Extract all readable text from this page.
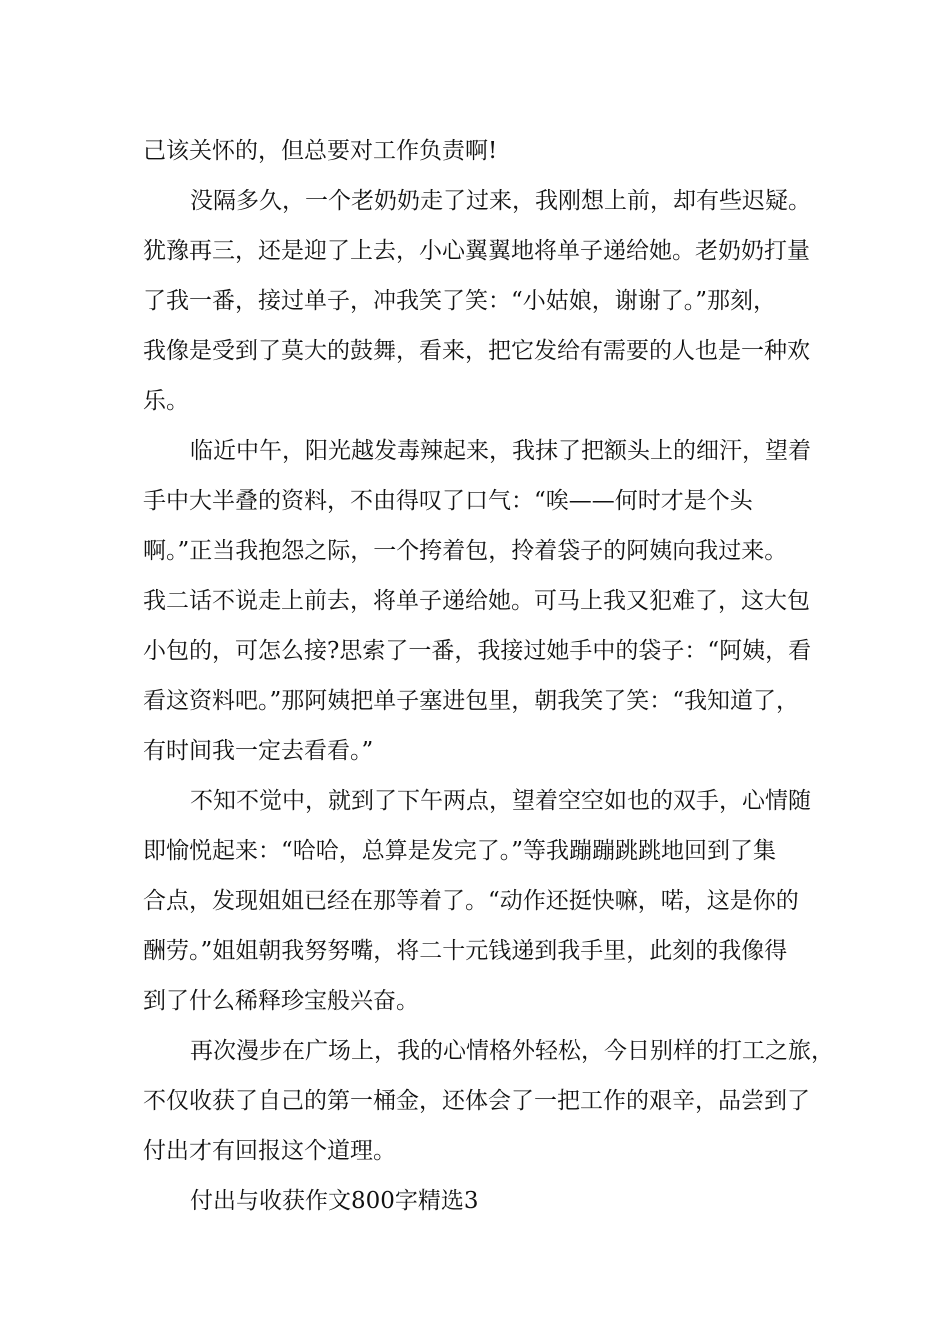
己该关怀的，但总要对工作负责啊!
没隔多久，一个老奶奶走了过来，我刚想上前，却有些迟疑。
犹豫再三，还是迎了上去，小心翼翼地将单子递给她。老奶奶打量
了我一番，接过单子，冲我笑了笑：“小姑娘，谢谢了。”那刻，
我像是受到了莫大的鼓舞，看来，把它发给有需要的人也是一种欢
乐。
临近中午，阳光越发毒辣起来，我抹了把额头上的细汗，望着
手中大半叠的资料，不由得叹了口气：“唉——何时才是个头
啊。”正当我抱怨之际，一个挎着包，拎着袋子的阿姨向我过来。
我二话不说走上前去，将单子递给她。可马上我又犯难了，这大包
小包的，可怎么接?思索了一番，我接过她手中的袋子：“阿姨，看
看这资料吧。”那阿姨把单子塞进包里，朝我笑了笑：“我知道了，
有时间我一定去看看。”
不知不觉中，就到了下午两点，望着空空如也的双手，心情随
即愉悦起来：“哈哈，总算是发完了。”等我蹦蹦跳跳地回到了集
合点，发现姐姐已经在那等着了。“动作还挺快嘛，喏，这是你的
酬劳。”姐姐朝我努努嘴，将二十元钱递到我手里，此刻的我像得
到了什么稀释珍宝般兴奋。
再次漫步在广场上，我的心情格外轻松，今日别样的打工之旅，
不仅收获了自己的第一桶金，还体会了一把工作的艰辛，品尝到了
付出才有回报这个道理。
付出与收获作文800字精选3
